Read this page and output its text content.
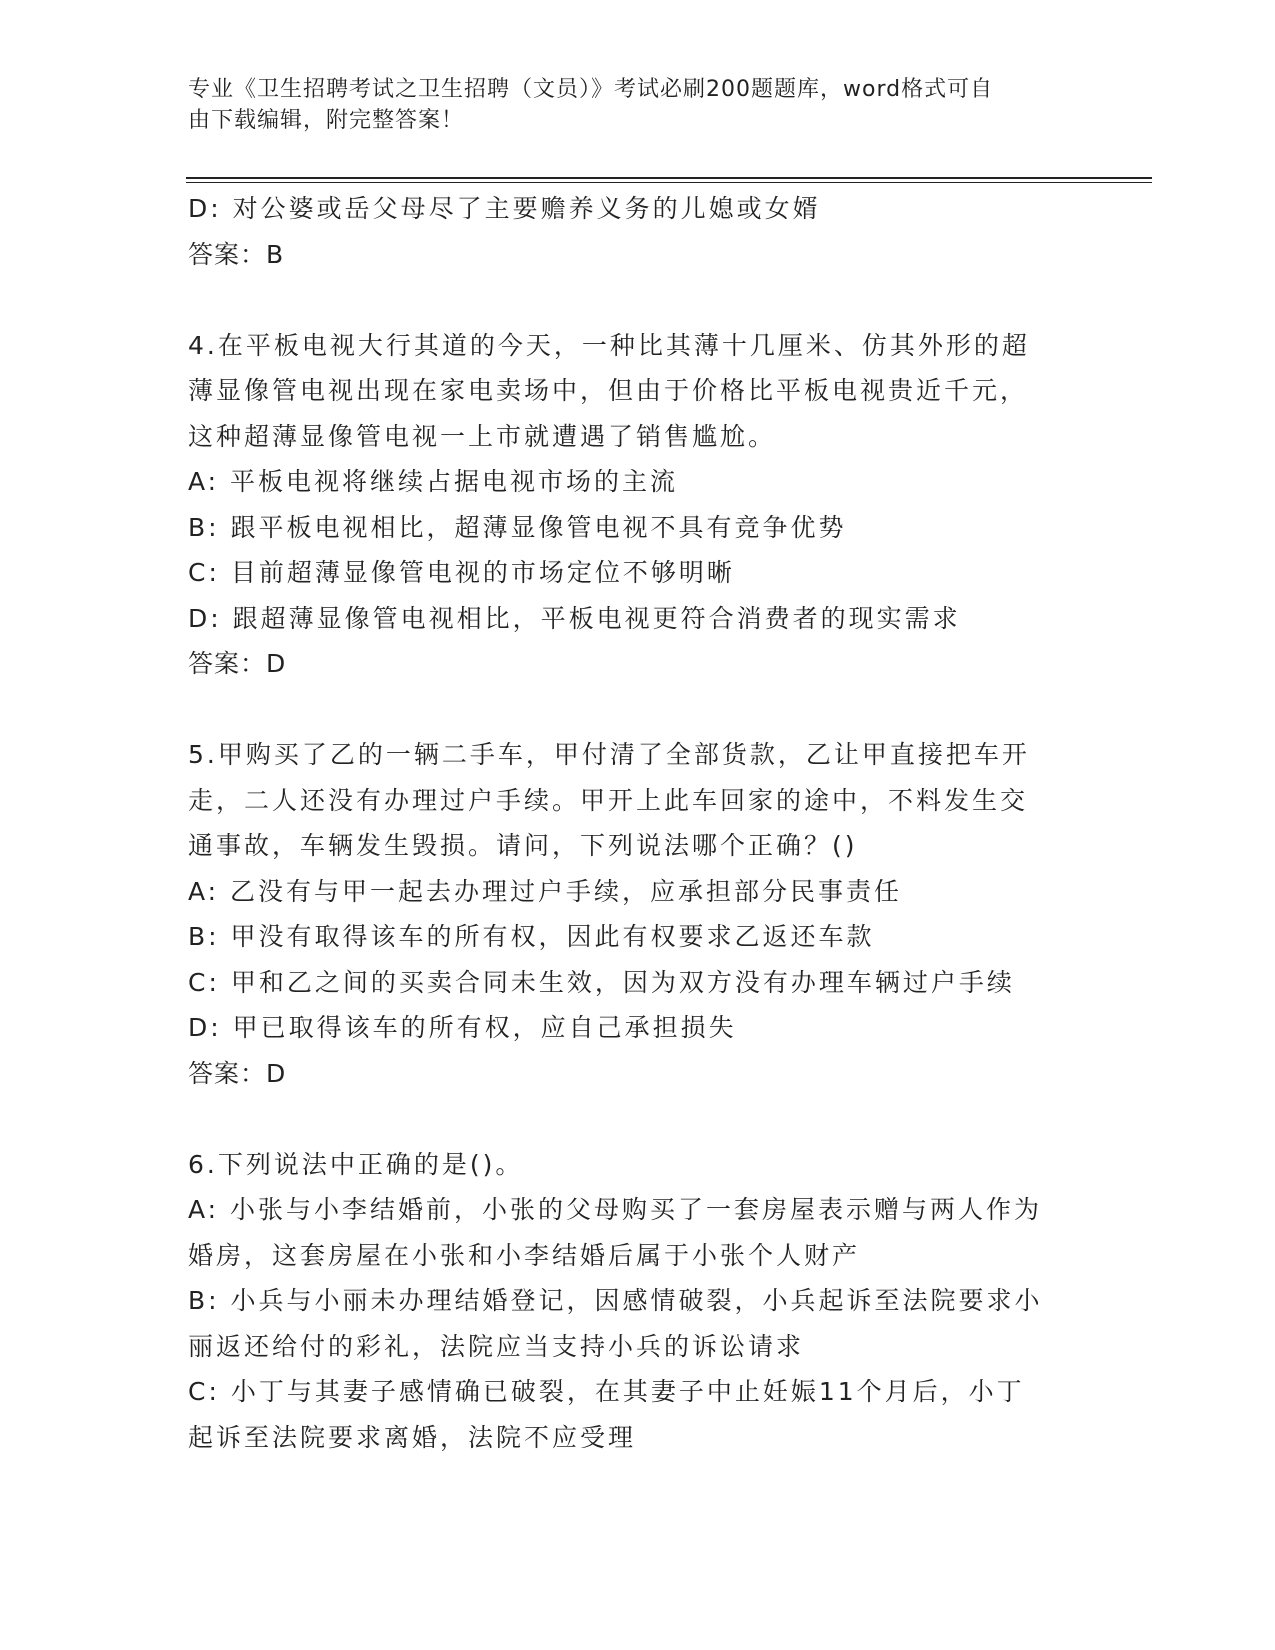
专业《卫生招聘考试之卫生招聘（文员）》考试必刷200题题库，word格式可自
由下载编辑，附完整答案！

D: 对公婆或岳父母尽了主要赡养义务的儿媳或女婿

答案：B

4.在平板电视大行其道的今天，一种比其薄十几厘米、仿其外形的超

薄显像管电视出现在家电卖场中，但由于价格比平板电视贵近千元，

这种超薄显像管电视一上市就遭遇了销售尴尬。

A: 平板电视将继续占据电视市场的主流

B: 跟平板电视相比，超薄显像管电视不具有竞争优势

C: 目前超薄显像管电视的市场定位不够明晰

D: 跟超薄显像管电视相比，平板电视更符合消费者的现实需求

答案：D

5.甲购买了乙的一辆二手车，甲付清了全部货款，乙让甲直接把车开

走，二人还没有办理过户手续。甲开上此车回家的途中，不料发生交

通事故，车辆发生毁损。请问，下列说法哪个正确？()

A: 乙没有与甲一起去办理过户手续，应承担部分民事责任

B: 甲没有取得该车的所有权，因此有权要求乙返还车款

C: 甲和乙之间的买卖合同未生效，因为双方没有办理车辆过户手续

D: 甲已取得该车的所有权，应自己承担损失

答案：D

6.下列说法中正确的是()。

A: 小张与小李结婚前，小张的父母购买了一套房屋表示赠与两人作为

婚房，这套房屋在小张和小李结婚后属于小张个人财产

B: 小兵与小丽未办理结婚登记，因感情破裂，小兵起诉至法院要求小

丽返还给付的彩礼，法院应当支持小兵的诉讼请求

C: 小丁与其妻子感情确已破裂，在其妻子中止妊娠11个月后，小丁

起诉至法院要求离婚，法院不应受理
